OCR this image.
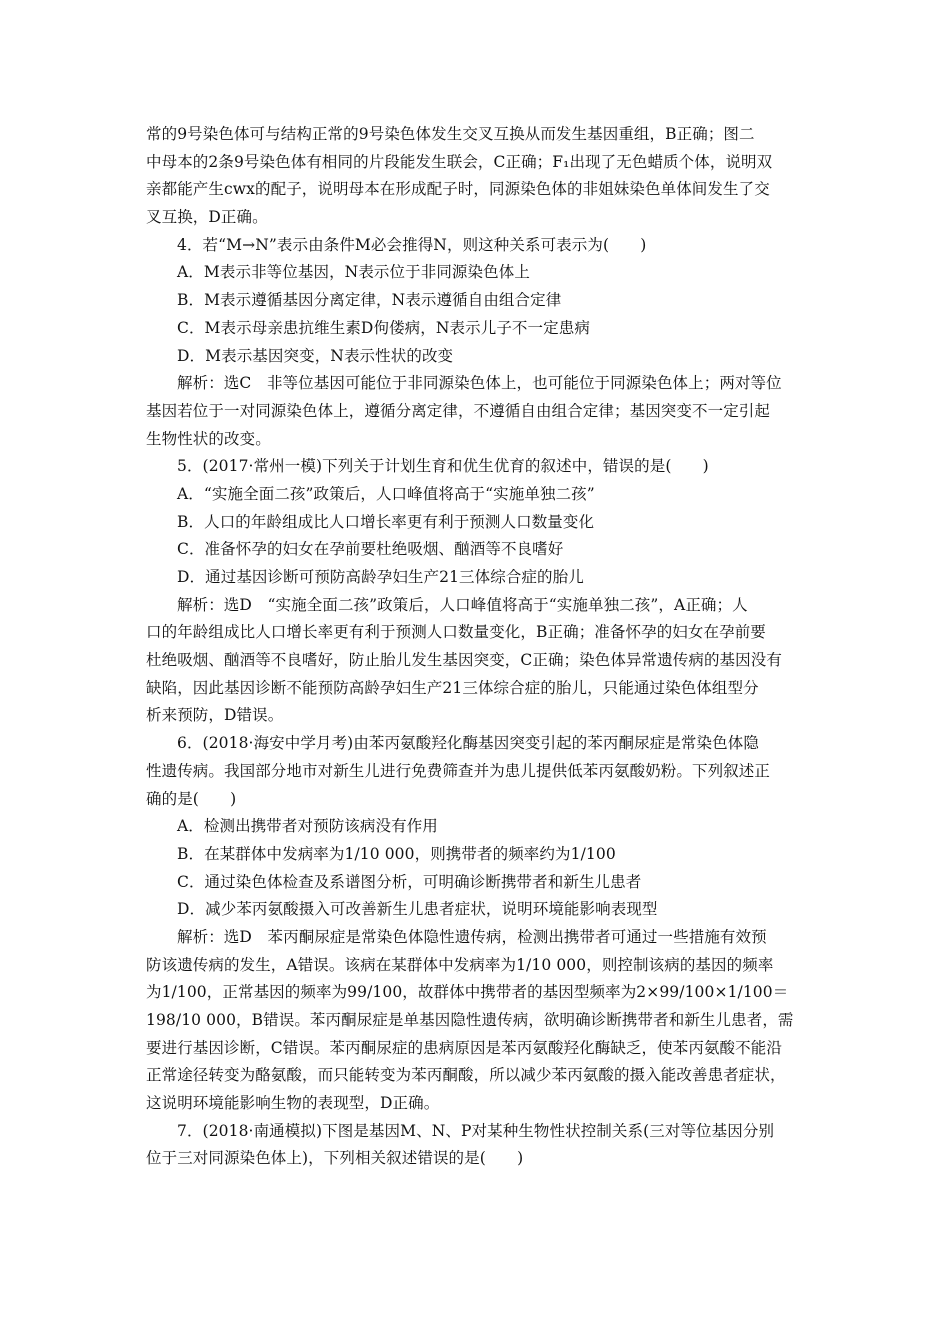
常的9号染色体可与结构正常的9号染色体发生交叉互换从而发生基因重组，B正确；图二
中母本的2条9号染色体有相同的片段能发生联会，C正确；F₁出现了无色蜡质个体，说明双
亲都能产生cwx的配子，说明母本在形成配子时，同源染色体的非姐妹染色单体间发生了交
叉互换，D正确。
4．若“M→N”表示由条件M必会推得N，则这种关系可表示为(　　)
A．M表示非等位基因，N表示位于非同源染色体上
B．M表示遵循基因分离定律，N表示遵循自由组合定律
C．M表示母亲患抗维生素D佝偻病，N表示儿子不一定患病
D．M表示基因突变，N表示性状的改变
解析：选C　非等位基因可能位于非同源染色体上，也可能位于同源染色体上；两对等位
基因若位于一对同源染色体上，遵循分离定律，不遵循自由组合定律；基因突变不一定引起
生物性状的改变。
5．(2017·常州一模)下列关于计划生育和优生优育的叙述中，错误的是(　　)
A．“实施全面二孩”政策后，人口峰值将高于“实施单独二孩”
B．人口的年龄组成比人口增长率更有利于预测人口数量变化
C．准备怀孕的妇女在孕前要杜绝吸烟、酗酒等不良嗜好
D．通过基因诊断可预防高龄孕妇生产21三体综合症的胎儿
解析：选D　“实施全面二孩”政策后，人口峰值将高于“实施单独二孩”，A正确；人
口的年龄组成比人口增长率更有利于预测人口数量变化，B正确；准备怀孕的妇女在孕前要
杜绝吸烟、酗酒等不良嗜好，防止胎儿发生基因突变，C正确；染色体异常遗传病的基因没有
缺陷，因此基因诊断不能预防高龄孕妇生产21三体综合症的胎儿，只能通过染色体组型分
析来预防，D错误。
6．(2018·海安中学月考)由苯丙氨酸羟化酶基因突变引起的苯丙酮尿症是常染色体隐
性遗传病。我国部分地市对新生儿进行免费筛查并为患儿提供低苯丙氨酸奶粉。下列叙述正
确的是(　　)
A．检测出携带者对预防该病没有作用
B．在某群体中发病率为1/10 000，则携带者的频率约为1/100
C．通过染色体检查及系谱图分析，可明确诊断携带者和新生儿患者
D．减少苯丙氨酸摄入可改善新生儿患者症状，说明环境能影响表现型
解析：选D　苯丙酮尿症是常染色体隐性遗传病，检测出携带者可通过一些措施有效预
防该遗传病的发生，A错误。该病在某群体中发病率为1/10 000，则控制该病的基因的频率
为1/100，正常基因的频率为99/100，故群体中携带者的基因型频率为2×99/100×1/100＝
198/10 000，B错误。苯丙酮尿症是单基因隐性遗传病，欲明确诊断携带者和新生儿患者，需
要进行基因诊断，C错误。苯丙酮尿症的患病原因是苯丙氨酸羟化酶缺乏，使苯丙氨酸不能沿
正常途径转变为酪氨酸，而只能转变为苯丙酮酸，所以减少苯丙氨酸的摄入能改善患者症状，
这说明环境能影响生物的表现型，D正确。
7．(2018·南通模拟)下图是基因M、N、P对某种生物性状控制关系(三对等位基因分别
位于三对同源染色体上)，下列相关叙述错误的是(　　)
